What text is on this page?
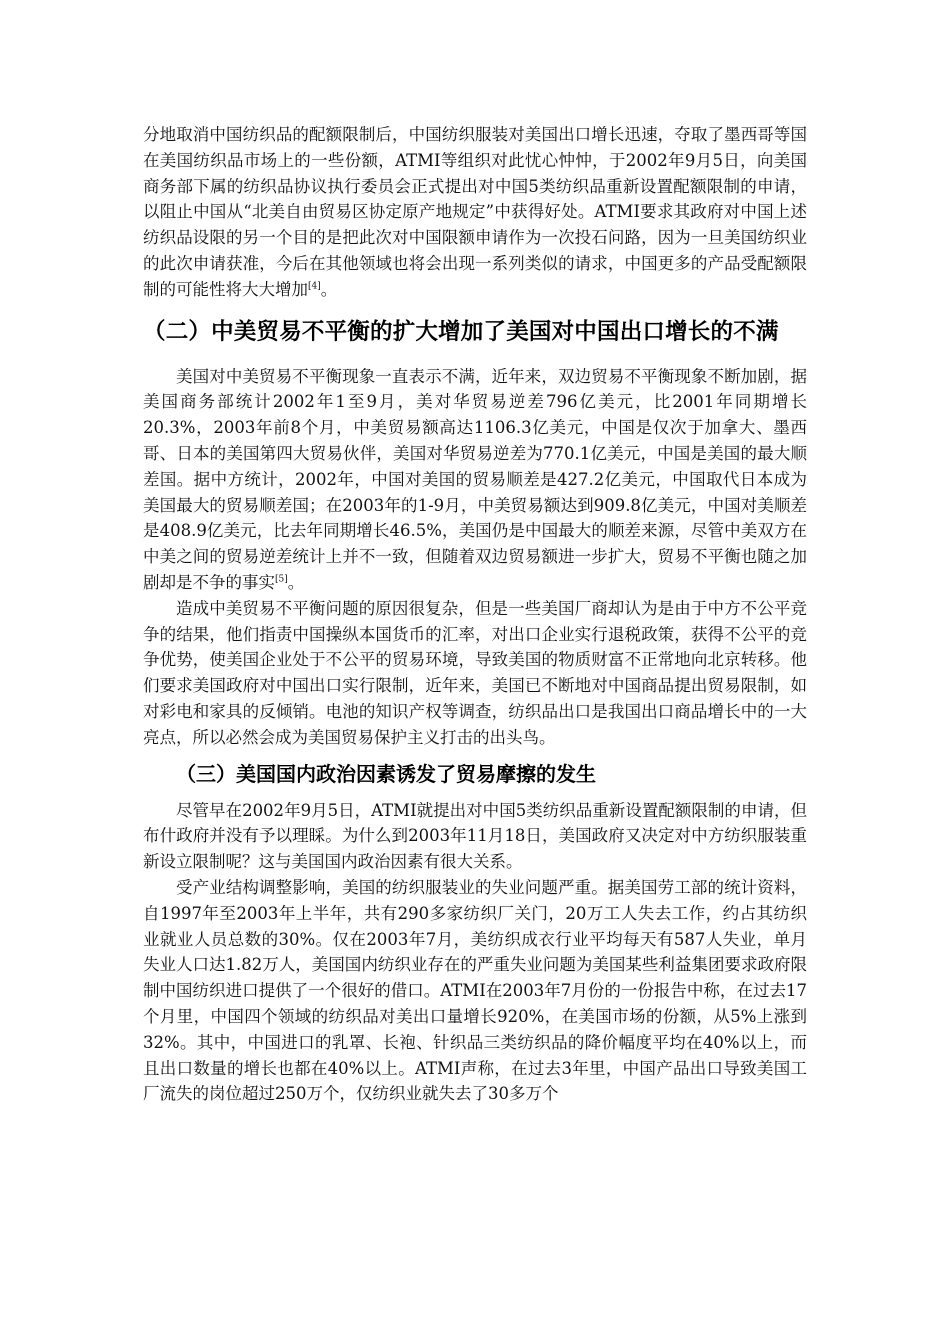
分地取消中国纺织品的配额限制后，中国纺织服装对美国出口增长迅速，夺取了墨西哥等国在美国纺织品市场上的一些份额，ATMI等组织对此忧心忡忡，于2002年9月5日，向美国商务部下属的纺织品协议执行委员会正式提出对中国5类纺织品重新设置配额限制的申请，以阻止中国从“北美自由贸易区协定原产地规定”中获得好处。ATMI要求其政府对中国上述纺织品设限的另一个目的是把此次对中国限额申请作为一次投石问路，因为一旦美国纺织业的此次申请获准，今后在其他领域也将会出现一系列类似的请求，中国更多的产品受配额限制的可能性将大大增加[4]。

（二）中美贸易不平衡的扩大增加了美国对中国出口增长的不满

美国对中美贸易不平衡现象一直表示不满，近年来，双边贸易不平衡现象不断加剧，据美国商务部统计2002年1至9月，美对华贸易逆差796亿美元，比2001年同期增长20.3%，2003年前8个月，中美贸易额高达1106.3亿美元，中国是仅次于加拿大、墨西哥、日本的美国第四大贸易伙伴，美国对华贸易逆差为770.1亿美元，中国是美国的最大顺差国。据中方统计，2002年，中国对美国的贸易顺差是427.2亿美元，中国取代日本成为美国最大的贸易顺差国；在2003年的1-9月，中美贸易额达到909.8亿美元，中国对美顺差是408.9亿美元，比去年同期增长46.5%，美国仍是中国最大的顺差来源，尽管中美双方在中美之间的贸易逆差统计上并不一致，但随着双边贸易额进一步扩大，贸易不平衡也随之加剧却是不争的事实[5]。

造成中美贸易不平衡问题的原因很复杂，但是一些美国厂商却认为是由于中方不公平竞争的结果，他们指责中国操纵本国货币的汇率，对出口企业实行退税政策，获得不公平的竞争优势，使美国企业处于不公平的贸易环境，导致美国的物质财富不正常地向北京转移。他们要求美国政府对中国出口实行限制，近年来，美国已不断地对中国商品提出贸易限制，如对彩电和家具的反倾销。电池的知识产权等调查，纺织品出口是我国出口商品增长中的一大亮点，所以必然会成为美国贸易保护主义打击的出头鸟。

（三）美国国内政治因素诱发了贸易摩擦的发生

尽管早在2002年9月5日，ATMI就提出对中国5类纺织品重新设置配额限制的申请，但布什政府并没有予以理睬。为什么到2003年11月18日，美国政府又决定对中方纺织服装重新设立限制呢？这与美国国内政治因素有很大关系。

受产业结构调整影响，美国的纺织服装业的失业问题严重。据美国劳工部的统计资料，自1997年至2003年上半年，共有290多家纺织厂关门，20万工人失去工作，约占其纺织业就业人员总数的30%。仅在2003年7月，美纺织成衣行业平均每天有587人失业，单月失业人口达1.82万人，美国国内纺织业存在的严重失业问题为美国某些利益集团要求政府限制中国纺织进口提供了一个很好的借口。ATMI在2003年7月份的一份报告中称，在过去17个月里，中国四个领域的纺织品对美出口量增长920%，在美国市场的份额，从5%上涨到32%。其中，中国进口的乳罩、长袍、针织品三类纺织品的降价幅度平均在40%以上，而且出口数量的增长也都在40%以上。ATMI声称，在过去3年里，中国产品出口导致美国工厂流失的岗位超过250万个，仅纺织业就失去了30多万个
